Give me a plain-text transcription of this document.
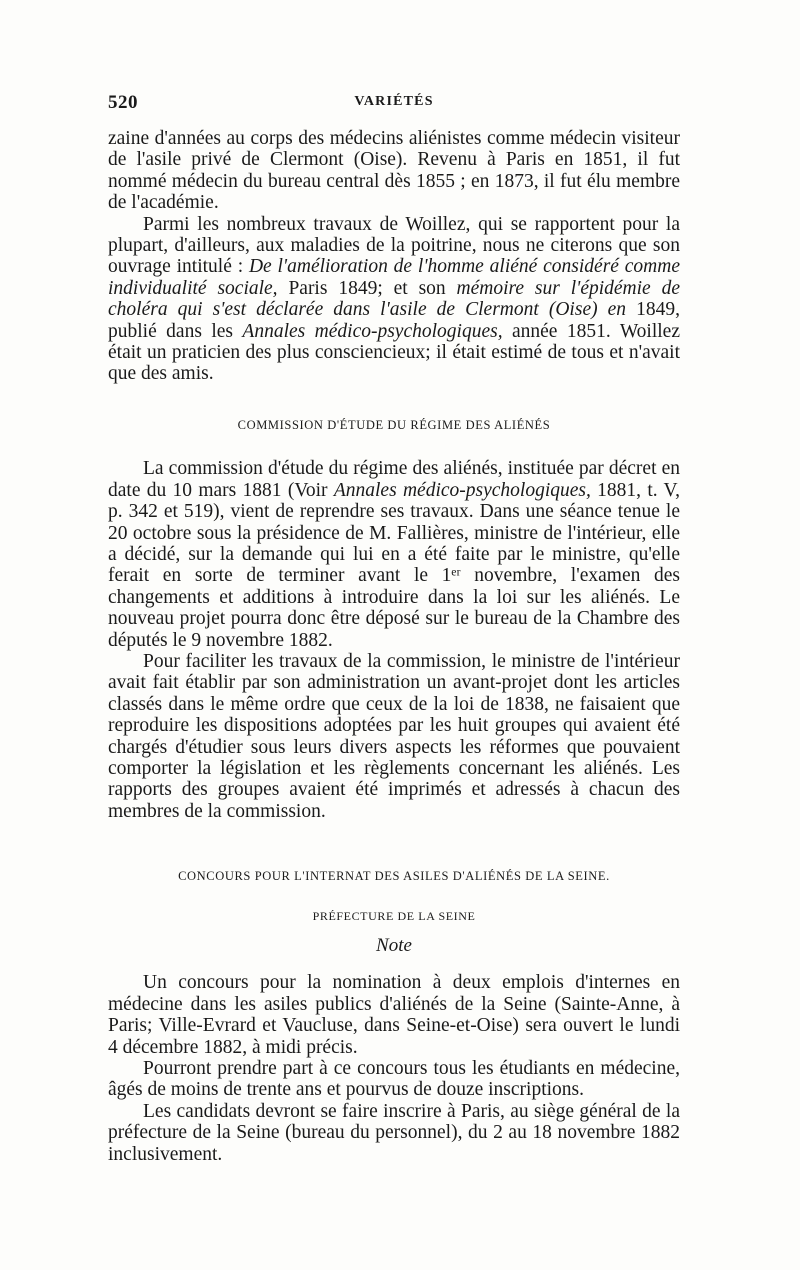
520	VARIÉTÉS

zaine d'années au corps des médecins aliénistes comme médecin visiteur de l'asile privé de Clermont (Oise). Revenu à Paris en 1851, il fut nommé médecin du bureau central dès 1855 ; en 1873, il fut élu membre de l'académie.

Parmi les nombreux travaux de Woillez, qui se rapportent pour la plupart, d'ailleurs, aux maladies de la poitrine, nous ne citerons que son ouvrage intitulé : De l'amélioration de l'homme aliéné considéré comme individualité sociale, Paris 1849; et son mémoire sur l'épidémie de choléra qui s'est déclarée dans l'asile de Clermont (Oise) en 1849, publié dans les Annales médico-psychologiques, année 1851. Woillez était un praticien des plus consciencieux; il était estimé de tous et n'avait que des amis.

COMMISSION D'ÉTUDE DU RÉGIME DES ALIÉNÉS

La commission d'étude du régime des aliénés, instituée par décret en date du 10 mars 1881 (Voir Annales médico-psychologiques, 1881, t. V, p. 342 et 519), vient de reprendre ses travaux. Dans une séance tenue le 20 octobre sous la présidence de M. Fallières, ministre de l'intérieur, elle a décidé, sur la demande qui lui en a été faite par le ministre, qu'elle ferait en sorte de terminer avant le 1ᵉʳ novembre, l'examen des changements et additions à introduire dans la loi sur les aliénés. Le nouveau projet pourra donc être déposé sur le bureau de la Chambre des députés le 9 novembre 1882.

Pour faciliter les travaux de la commission, le ministre de l'intérieur avait fait établir par son administration un avant-projet dont les articles classés dans le même ordre que ceux de la loi de 1838, ne faisaient que reproduire les dispositions adoptées par les huit groupes qui avaient été chargés d'étudier sous leurs divers aspects les réformes que pouvaient comporter la législation et les règlements concernant les aliénés. Les rapports des groupes avaient été imprimés et adressés à chacun des membres de la commission.

CONCOURS POUR L'INTERNAT DES ASILES D'ALIÉNÉS DE LA SEINE.
PRÉFECTURE DE LA SEINE
Note

Un concours pour la nomination à deux emplois d'internes en médecine dans les asiles publics d'aliénés de la Seine (Sainte-Anne, à Paris; Ville-Evrard et Vaucluse, dans Seine-et-Oise) sera ouvert le lundi 4 décembre 1882, à midi précis.

Pourront prendre part à ce concours tous les étudiants en médecine, âgés de moins de trente ans et pourvus de douze inscriptions.

Les candidats devront se faire inscrire à Paris, au siège général de la préfecture de la Seine (bureau du personnel), du 2 au 18 novembre 1882 inclusivement.
